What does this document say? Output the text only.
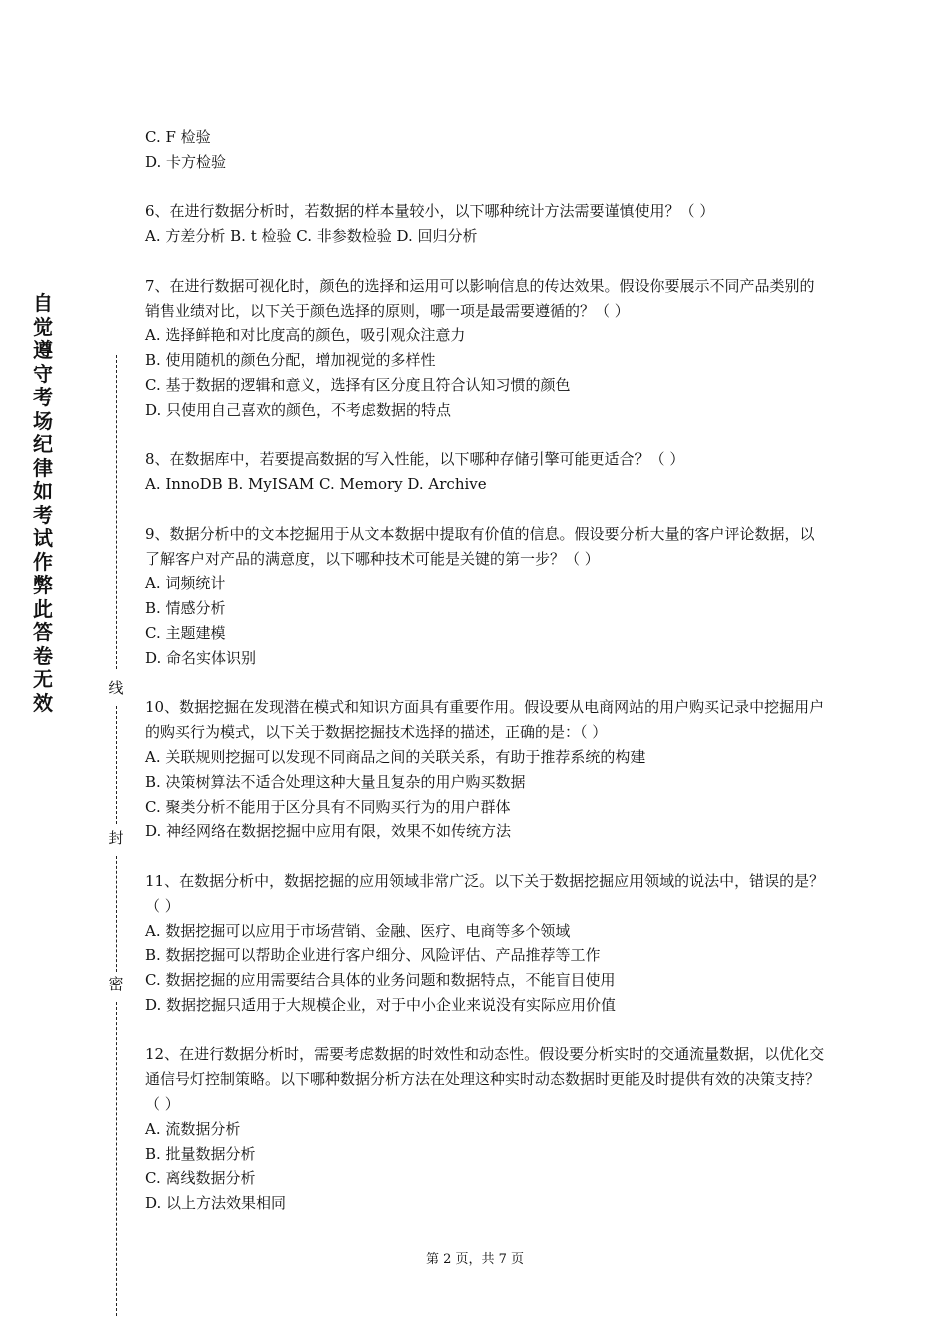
自觉遵守考场纪律如考试作弊此答卷无效
线
封
密
C. F 检验
D. 卡方检验
6、在进行数据分析时，若数据的样本量较小，以下哪种统计方法需要谨慎使用？（ ）
A. 方差分析 B. t 检验 C. 非参数检验 D. 回归分析
7、在进行数据可视化时，颜色的选择和运用可以影响信息的传达效果。假设你要展示不同产品类别的销售业绩对比，以下关于颜色选择的原则，哪一项是最需要遵循的？（ ）
A. 选择鲜艳和对比度高的颜色，吸引观众注意力
B. 使用随机的颜色分配，增加视觉的多样性
C. 基于数据的逻辑和意义，选择有区分度且符合认知习惯的颜色
D. 只使用自己喜欢的颜色，不考虑数据的特点
8、在数据库中，若要提高数据的写入性能，以下哪种存储引擎可能更适合？（ ）
A. InnoDB B. MyISAM C. Memory D. Archive
9、数据分析中的文本挖掘用于从文本数据中提取有价值的信息。假设要分析大量的客户评论数据，以了解客户对产品的满意度，以下哪种技术可能是关键的第一步？（ ）
A. 词频统计
B. 情感分析
C. 主题建模
D. 命名实体识别
10、数据挖掘在发现潜在模式和知识方面具有重要作用。假设要从电商网站的用户购买记录中挖掘用户的购买行为模式，以下关于数据挖掘技术选择的描述，正确的是：（ ）
A. 关联规则挖掘可以发现不同商品之间的关联关系，有助于推荐系统的构建
B. 决策树算法不适合处理这种大量且复杂的用户购买数据
C. 聚类分析不能用于区分具有不同购买行为的用户群体
D. 神经网络在数据挖掘中应用有限，效果不如传统方法
11、在数据分析中，数据挖掘的应用领域非常广泛。以下关于数据挖掘应用领域的说法中，错误的是？（ ）
A. 数据挖掘可以应用于市场营销、金融、医疗、电商等多个领域
B. 数据挖掘可以帮助企业进行客户细分、风险评估、产品推荐等工作
C. 数据挖掘的应用需要结合具体的业务问题和数据特点，不能盲目使用
D. 数据挖掘只适用于大规模企业，对于中小企业来说没有实际应用价值
12、在进行数据分析时，需要考虑数据的时效性和动态性。假设要分析实时的交通流量数据，以优化交通信号灯控制策略。以下哪种数据分析方法在处理这种实时动态数据时更能及时提供有效的决策支持？（ ）
A. 流数据分析
B. 批量数据分析
C. 离线数据分析
D. 以上方法效果相同
第 2 页，共 7 页
